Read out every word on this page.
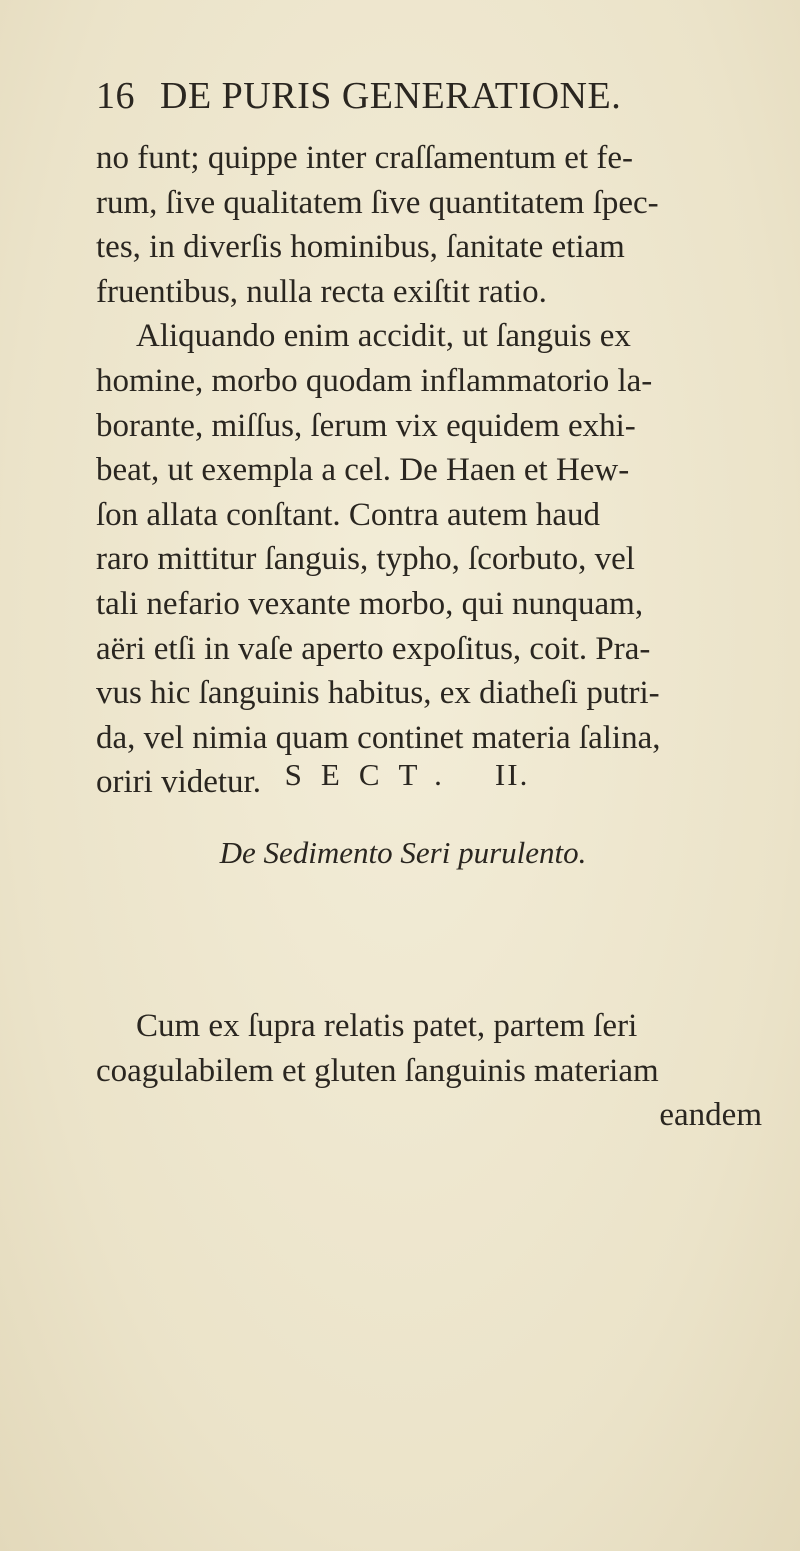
16 DE PURIS GENERATIONE.
no funt; quippe inter craſſamentum et fe-
rum, ſive qualitatem ſive quantitatem ſpec-
tes, in diverſis hominibus, ſanitate etiam
fruentibus, nulla recta exiſtit ratio.
Aliquando enim accidit, ut ſanguis ex
homine, morbo quodam inflammatorio la-
borante, miſſus, ſerum vix equidem exhi-
beat, ut exempla a cel. De Haen et Hew-
ſon allata conſtant. Contra autem haud
raro mittitur ſanguis, typho, ſcorbuto, vel
tali nefario vexante morbo, qui nunquam,
aëri etſi in vaſe aperto expoſitus, coit. Pra-
vus hic ſanguinis habitus, ex diatheſi putri-
da, vel nimia quam continet materia ſalina,
oriri videtur. SECT. II.
De Sedimento Seri purulento.
Cum ex ſupra relatis patet, partem ſeri
coagulabilem et gluten ſanguinis materiam
eandem
